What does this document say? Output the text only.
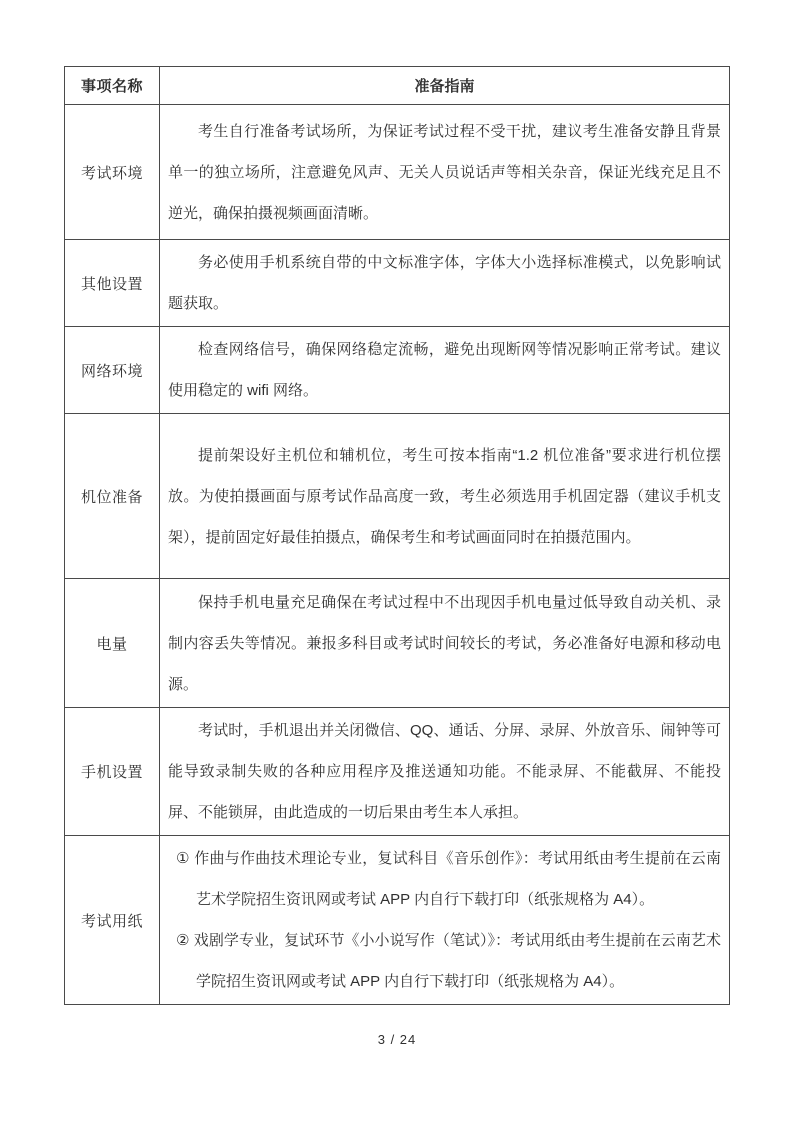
事项名称	准备指南
考试环境	考生自行准备考试场所，为保证考试过程不受干扰，建议考生准备安静且背景单一的独立场所，注意避免风声、无关人员说话声等相关杂音，保证光线充足且不逆光，确保拍摄视频画面清晰。

其他设置	务必使用手机系统自带的中文标准字体，字体大小选择标准模式，以免影响试题获取。

网络环境	检查网络信号，确保网络稳定流畅，避免出现断网等情况影响正常考试。建议使用稳定的 wifi 网络。

机位准备	提前架设好主机位和辅机位，考生可按本指南“1.2 机位准备”要求进行机位摆放。为使拍摄画面与原考试作品高度一致，考生必须选用手机固定器（建议手机支架），提前固定好最佳拍摄点，确保考生和考试画面同时在拍摄范围内。

电量	保持手机电量充足确保在考试过程中不出现因手机电量过低导致自动关机、录制内容丢失等情况。兼报多科目或考试时间较长的考试，务必准备好电源和移动电源。

手机设置	考试时，手机退出并关闭微信、QQ、通话、分屏、录屏、外放音乐、闹钟等可能导致录制失败的各种应用程序及推送通知功能。不能录屏、不能截屏、不能投屏、不能锁屏，由此造成的一切后果由考生本人承担。

考试用纸	① 作曲与作曲技术理论专业，复试科目《音乐创作》：考试用纸由考生提前在云南艺术学院招生资讯网或考试 APP 内自行下载打印（纸张规格为 A4）。
② 戏剧学专业，复试环节《小小说写作（笔试）》：考试用纸由考生提前在云南艺术学院招生资讯网或考试 APP 内自行下载打印（纸张规格为 A4）。
3 / 24
